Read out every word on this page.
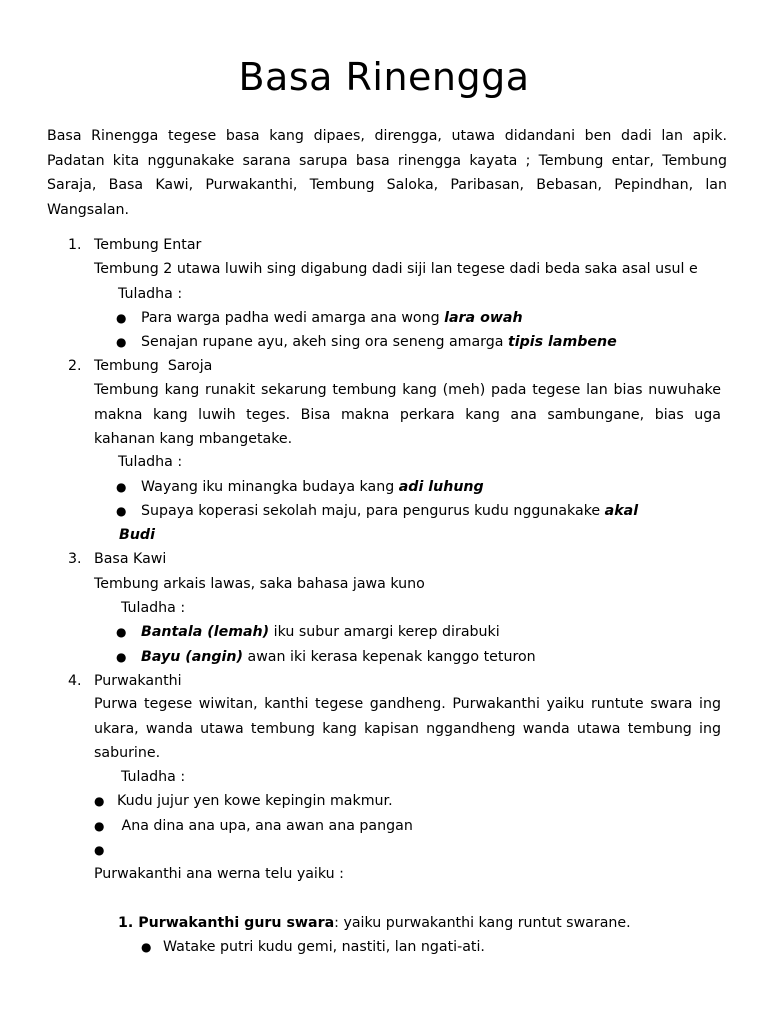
Basa Rinengga
Basa Rinengga tegese basa kang dipaes, direngga, utawa didandani ben dadi lan apik.
Padatan kita nggunakake sarana sarupa basa rinengga kayata ; Tembung entar, Tembung
Saraja, Basa Kawi, Purwakanthi, Tembung Saloka, Paribasan, Bebasan, Pepindhan, lan
Wangsalan.
1. Tembung Entar
Tembung 2 utawa luwih sing digabung dadi siji lan tegese dadi beda saka asal usul e
Tuladha :
● Para warga padha wedi amarga ana wong lara owah
● Senajan rupane ayu, akeh sing ora seneng amarga tipis lambene
2. Tembung  Saroja
Tembung kang runakit sekarung tembung kang (meh) pada tegese lan bias nuwuhake
makna kang luwih teges. Bisa makna perkara kang ana sambungane, bias uga
kahanan kang mbangetake.
Tuladha :
● Wayang iku minangka budaya kang adi luhung
● Supaya koperasi sekolah maju, para pengurus kudu nggunakake akal
Budi
3. Basa Kawi
Tembung arkais lawas, saka bahasa jawa kuno
Tuladha :
● Bantala (lemah) iku subur amargi kerep dirabuki
● Bayu (angin) awan iki kerasa kepenak kanggo teturon
4. Purwakanthi
Purwa tegese wiwitan, kanthi tegese gandheng. Purwakanthi yaiku runtute swara ing
ukara, wanda utawa tembung kang kapisan nggandheng wanda utawa tembung ing
saburine.
Tuladha :
● Kudu jujur yen kowe kepingin makmur.
● Ana dina ana upa, ana awan ana pangan
●
Purwakanthi ana werna telu yaiku :
1. Purwakanthi guru swara: yaiku purwakanthi kang runtut swarane.
● Watake putri kudu gemi, nastiti, lan ngati-ati.
